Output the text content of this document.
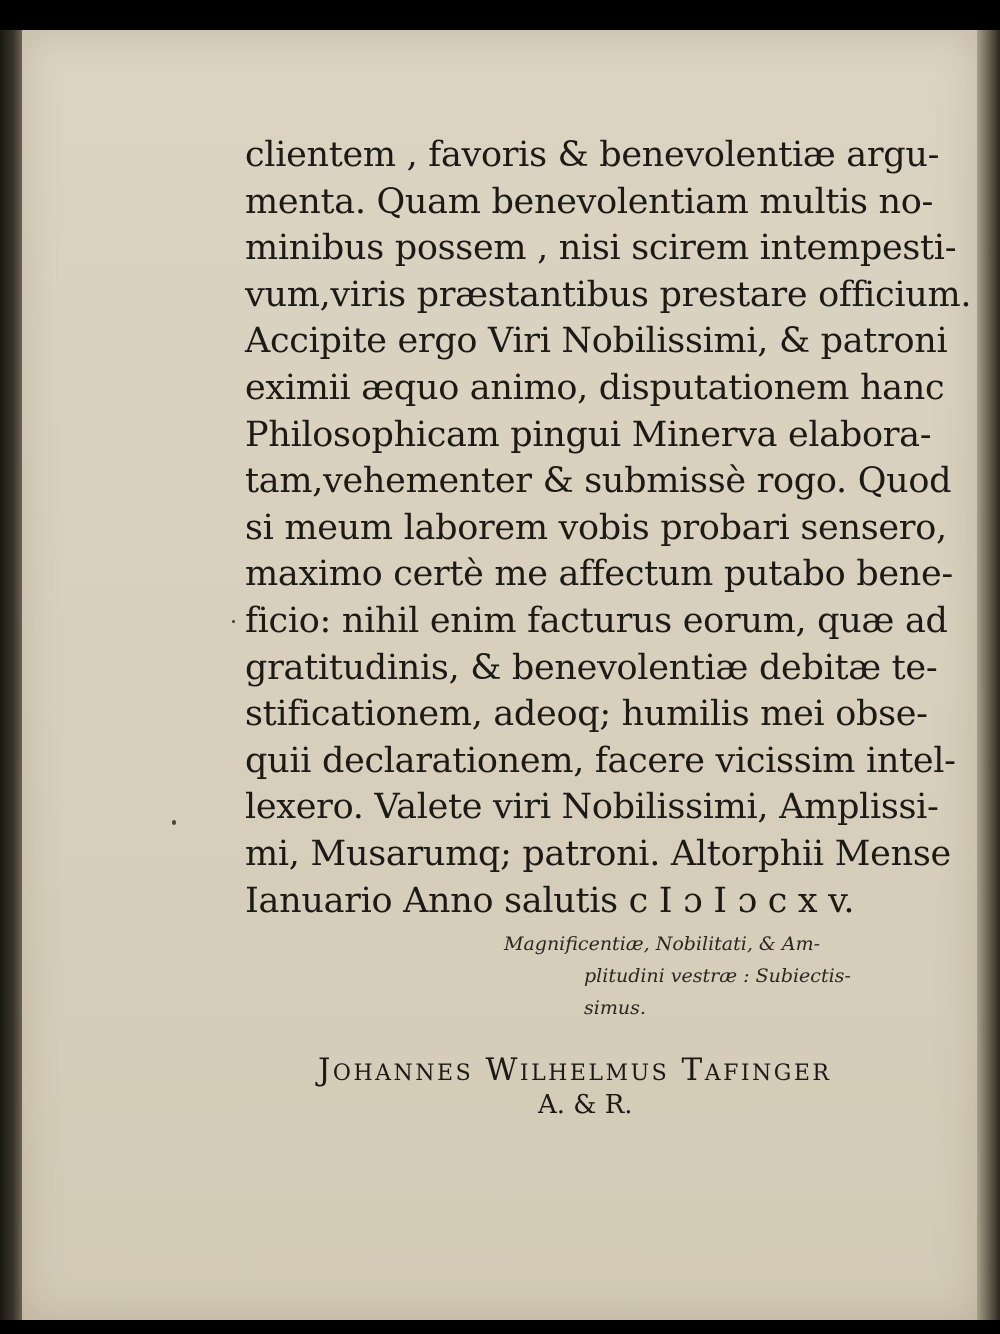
clientem , favoris & benevolentiæ argu-
menta. Quam benevolentiam multis no-
minibus possem , nisi scirem intempesti-
vum,viris præstantibus prestare officium.
Accipite ergo Viri Nobilissimi, & patroni
eximii æquo animo, disputationem hanc
Philosophicam pingui Minerva elabora-
tam,vehementer & submissè rogo. Quod
si meum laborem vobis probari sensero,
maximo certè me affectum putabo bene-
ficio: nihil enim facturus eorum, quæ ad
gratitudinis, & benevolentiæ debitæ te-
stificationem, adeoq; humilis mei obse-
quii declarationem, facere vicissim intel-
lexero. Valete viri Nobilissimi, Amplissi-
mi, Musarumq; patroni. Altorphii Mense
Ianuario Anno salutis c I ɔ I ɔ c x v.
Magnificentiæ, Nobilitati, & Am-
plitudini vestræ : Subiectis-
simus.
Johannes Wilhelmus Tafinger
A. & R.
